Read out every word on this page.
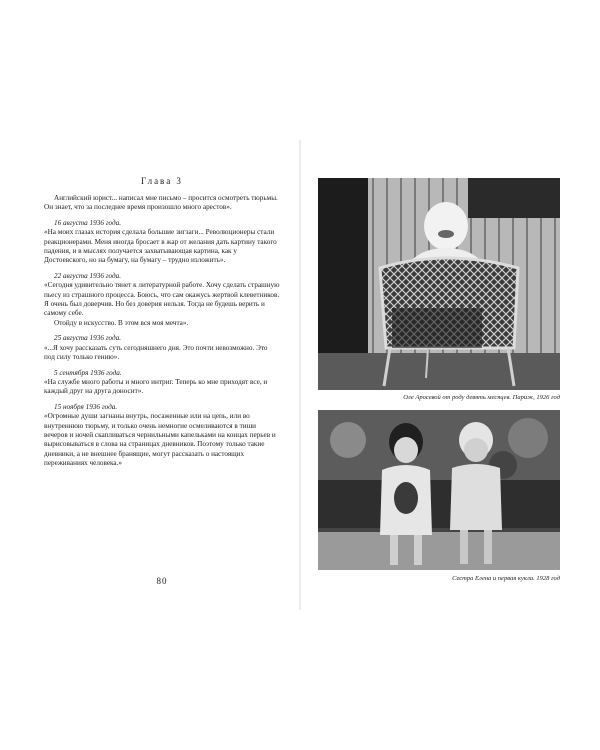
Глава 3

Английский юрист... написал мне письмо – просится осмотреть тюрьмы. Он знает, что за последнее время произошло много арестов».

16 августа 1936 года.

«На моих глазах история сделала большие зигзаги... Революционеры стали реакционерами. Меня иногда бросает в жар от желания дать картину такого падения, и в мыслях получается захватывающая картина, как у Достоевского, но на бумагу, на бумагу – трудно изложить».

22 августа 1936 года.

«Сегодня удивительно тянет к литературной работе. Хочу сделать страшную пьесу из страшного процесса. Боюсь, что сам окажусь жертвой клеветников. Я очень был доверчив. Но без доверия нельзя. Тогда не будешь верить и самому себе.

Отойду в искусство. В этом вся моя мечта».

25 августа 1936 года.

«...Я хочу рассказать суть сегодняшнего дня. Это почти невозможно. Это под силу только гению».

5 сентября 1936 года.

«На службе много работы и много интриг. Теперь ко мне приходят все, и каждый друг на друга доносит».

15 ноября 1936 года.

«Огромные души загнаны внутрь, посаженные или на цепь, или во внутреннюю тюрьму, и только очень немногие осмеливаются в тиши вечеров и ночей скапливаться чернильными капельками на концах перьев и вырисовываться в слова на страницах дневников. Поэтому только такие дневники, а не внешнее бранящие, могут рассказать о настоящих переживаниях человека.»

80
Оле Аросевой от роду девять месяцев. Париж, 1926 год
Сестра Елена и первая кукла. 1928 год
